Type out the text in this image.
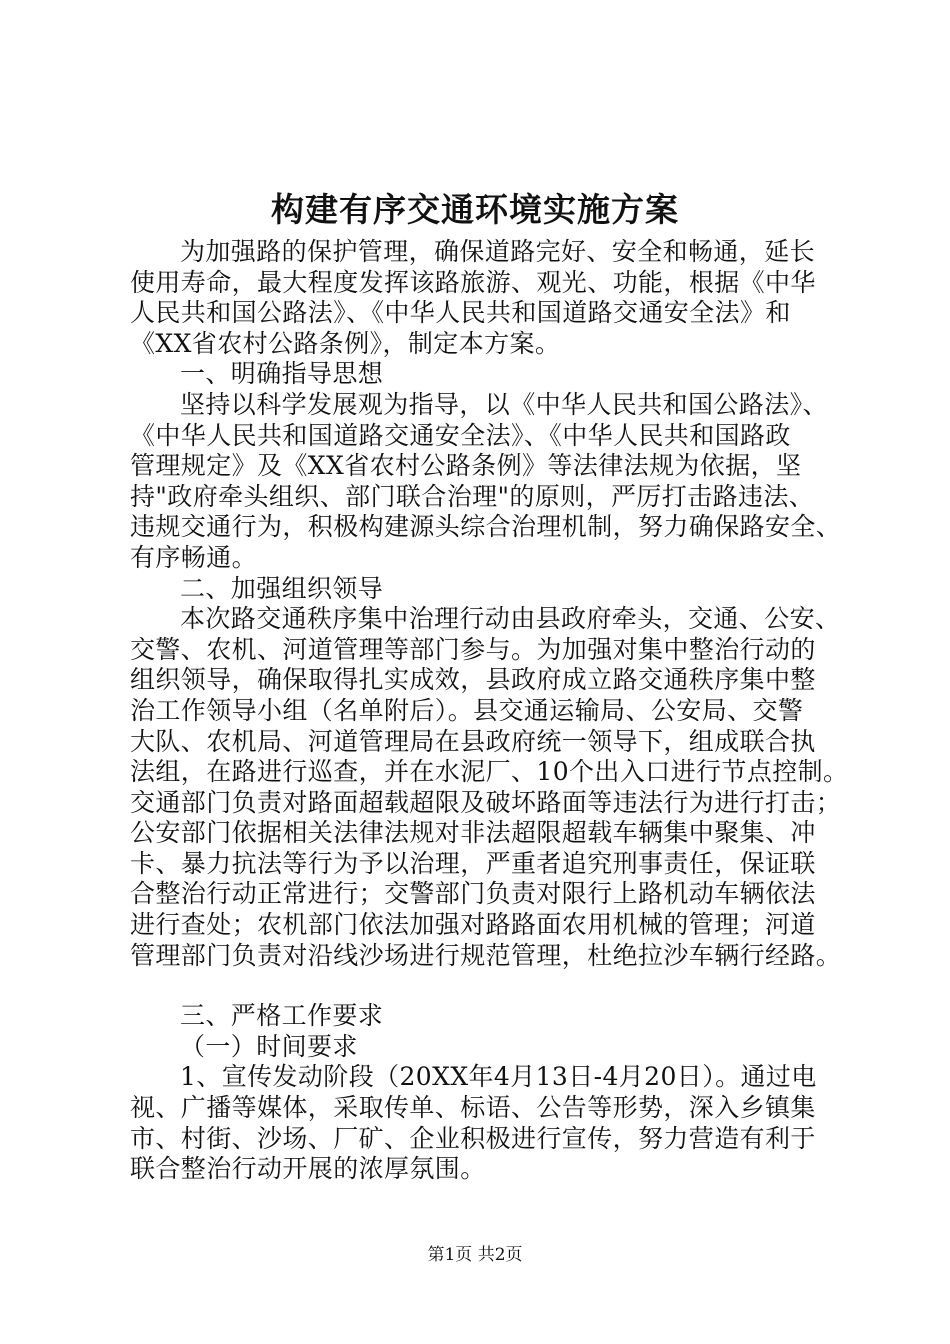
构建有序交通环境实施方案
为加强路的保护管理，确保道路完好、安全和畅通，延长
使用寿命，最大程度发挥该路旅游、观光、功能，根据《中华
人民共和国公路法》、《中华人民共和国道路交通安全法》和
《XX省农村公路条例》，制定本方案。
一、明确指导思想
坚持以科学发展观为指导，以《中华人民共和国公路法》、
《中华人民共和国道路交通安全法》、《中华人民共和国路政
管理规定》及《XX省农村公路条例》等法律法规为依据，坚
持"政府牵头组织、部门联合治理"的原则，严厉打击路违法、
违规交通行为，积极构建源头综合治理机制，努力确保路安全、
有序畅通。
二、加强组织领导
本次路交通秩序集中治理行动由县政府牵头，交通、公安、
交警、农机、河道管理等部门参与。为加强对集中整治行动的
组织领导，确保取得扎实成效，县政府成立路交通秩序集中整
治工作领导小组（名单附后）。县交通运输局、公安局、交警
大队、农机局、河道管理局在县政府统一领导下，组成联合执
法组，在路进行巡查，并在水泥厂、10个出入口进行节点控制。
交通部门负责对路面超载超限及破坏路面等违法行为进行打击；
公安部门依据相关法律法规对非法超限超载车辆集中聚集、冲
卡、暴力抗法等行为予以治理，严重者追究刑事责任，保证联
合整治行动正常进行；交警部门负责对限行上路机动车辆依法
进行查处；农机部门依法加强对路路面农用机械的管理；河道
管理部门负责对沿线沙场进行规范管理，杜绝拉沙车辆行经路。
三、严格工作要求
（一）时间要求
1、宣传发动阶段（20XX年4月13日-4月20日）。通过电
视、广播等媒体，采取传单、标语、公告等形势，深入乡镇集
市、村街、沙场、厂矿、企业积极进行宣传，努力营造有利于
联合整治行动开展的浓厚氛围。
第1页 共2页
